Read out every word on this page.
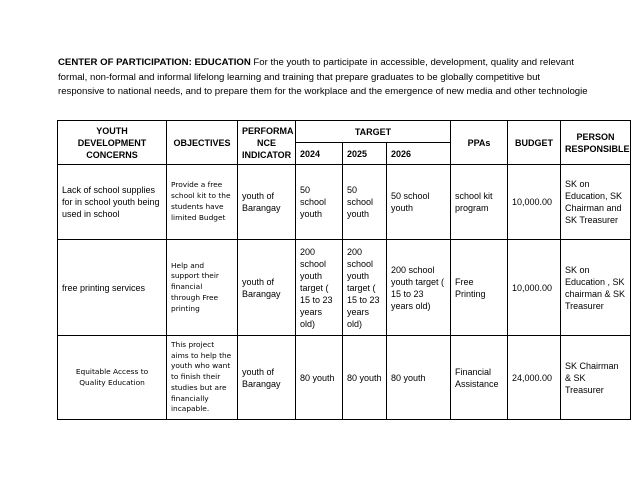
CENTER OF PARTICIPATION: EDUCATION For the youth to participate in accessible, development, quality and relevant formal, non-formal and informal lifelong learning and training that prepare graduates to be globally competitive but responsive to national needs, and to prepare them for the workplace and the emergence of new media and other technologie
YOUTH DEVELOPMENT CONCERNS	OBJECTIVES	PERFORMA NCE INDICATOR	TARGET			PPAs	BUDGET	PERSON RESPONSIBLE
			2024	2025	2026			
Lack of school supplies for in school youth being used in school	Provide a free school kit to the students have limited Budget	youth of Barangay	50 school youth	50 school youth	50 school youth	school kit program	10,000.00	SK on Education, SK Chairman and SK Treasurer
free printing services	Help and support their financial through Free printing	youth of Barangay	200 school youth target ( 15 to 23 years old)	200 school youth target ( 15 to 23 years old)	200 school youth target ( 15 to 23 years old)	Free Printing	10,000.00	SK on Education , SK chairman & SK Treasurer
Equitable Access to Quality Education	This project aims to help the youth who want to finish their studies but are financially incapable.	youth of Barangay	80 youth	80 youth	80 youth	Financial Assistance	24,000.00	SK Chairman & SK Treasurer
